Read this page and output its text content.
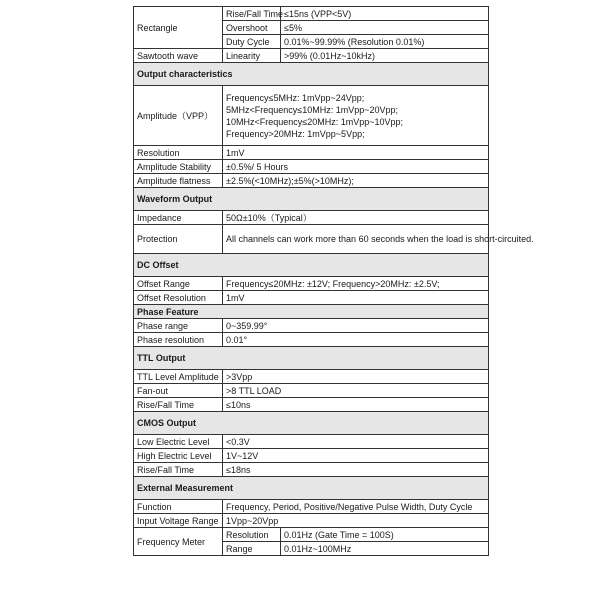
Rectangle	Rise/Fall Time	≤15ns (VPP<5V)
	Overshoot	≤5%
	Duty Cycle	0.01%~99.99% (Resolution 0.01%)
Sawtooth wave	Linearity	>99% (0.01Hz~10kHz)
Output characteristics		
Amplitude（VPP）	Frequency≤5MHz: 1mVpp~24Vpp;
5MHz<Frequency≤10MHz: 1mVpp~20Vpp;
10MHz<Frequency≤20MHz: 1mVpp~10Vpp;
Frequency>20MHz: 1mVpp~5Vpp;	

Resolution	1mV	
Amplitude Stability	±0.5%/ 5 Hours	
Amplitude flatness	±2.5%(<10MHz);±5%(>10MHz);	
Waveform Output		
Impedance	50Ω±10%（Typical）	
Protection	All channels can work more than 60 seconds when the load is short-circuited.	
DC Offset		
Offset Range	Frequency≤20MHz: ±12V; Frequency>20MHz: ±2.5V;	
Offset Resolution	1mV	
Phase Feature		
Phase range	0~359.99°	
Phase resolution	0.01°	
TTL Output		
TTL Level Amplitude	>3Vpp	
Fan-out	>8 TTL LOAD	
Rise/Fall Time	≤10ns	
CMOS Output		
Low Electric Level	<0.3V	
High Electric Level	1V~12V	
Rise/Fall Time	≤18ns	
External Measurement		
Function	Frequency, Period, Positive/Negative Pulse Width, Duty Cycle	
Input Voltage Range	1Vpp~20Vpp	
Frequency Meter	Resolution	0.01Hz (Gate Time = 100S)
	Range	0.01Hz~100MHz
